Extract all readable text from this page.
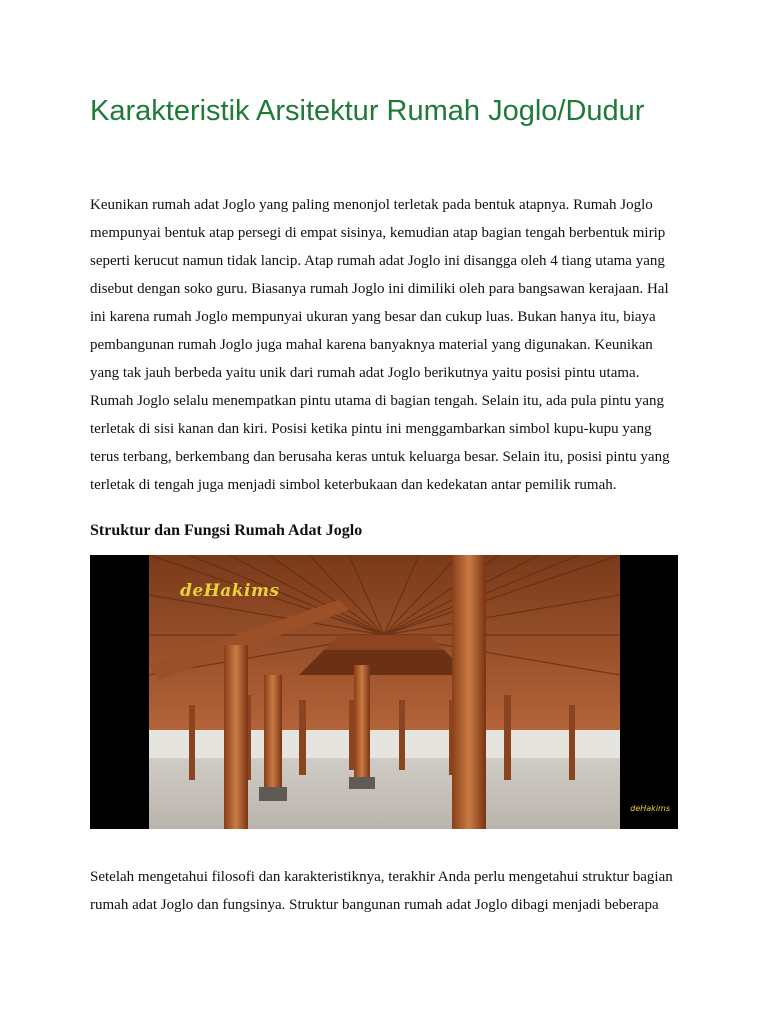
Karakteristik Arsitektur Rumah Joglo/Dudur

Keunikan rumah adat Joglo yang paling menonjol terletak pada bentuk atapnya. Rumah Joglo
mempunyai bentuk atap persegi di empat sisinya, kemudian atap bagian tengah berbentuk mirip
seperti kerucut namun tidak lancip. Atap rumah adat Joglo ini disangga oleh 4 tiang utama yang
disebut dengan soko guru. Biasanya rumah Joglo ini dimiliki oleh para bangsawan kerajaan. Hal
ini karena rumah Joglo mempunyai ukuran yang besar dan cukup luas. Bukan hanya itu, biaya
pembangunan rumah Joglo juga mahal karena banyaknya material yang digunakan. Keunikan
yang tak jauh berbeda yaitu unik dari rumah adat Joglo berikutnya yaitu posisi pintu utama.
Rumah Joglo selalu menempatkan pintu utama di bagian tengah. Selain itu, ada pula pintu yang
terletak di sisi kanan dan kiri. Posisi ketika pintu ini menggambarkan simbol kupu-kupu yang
terus terbang, berkembang dan berusaha keras untuk keluarga besar. Selain itu, posisi pintu yang
terletak di tengah juga menjadi simbol keterbukaan dan kedekatan antar pemilik rumah.

Struktur dan Fungsi Rumah Adat Joglo
deHakims
deHakims

Setelah mengetahui filosofi dan karakteristiknya, terakhir Anda perlu mengetahui struktur bagian
rumah adat Joglo dan fungsinya. Struktur bangunan rumah adat Joglo dibagi menjadi beberapa
